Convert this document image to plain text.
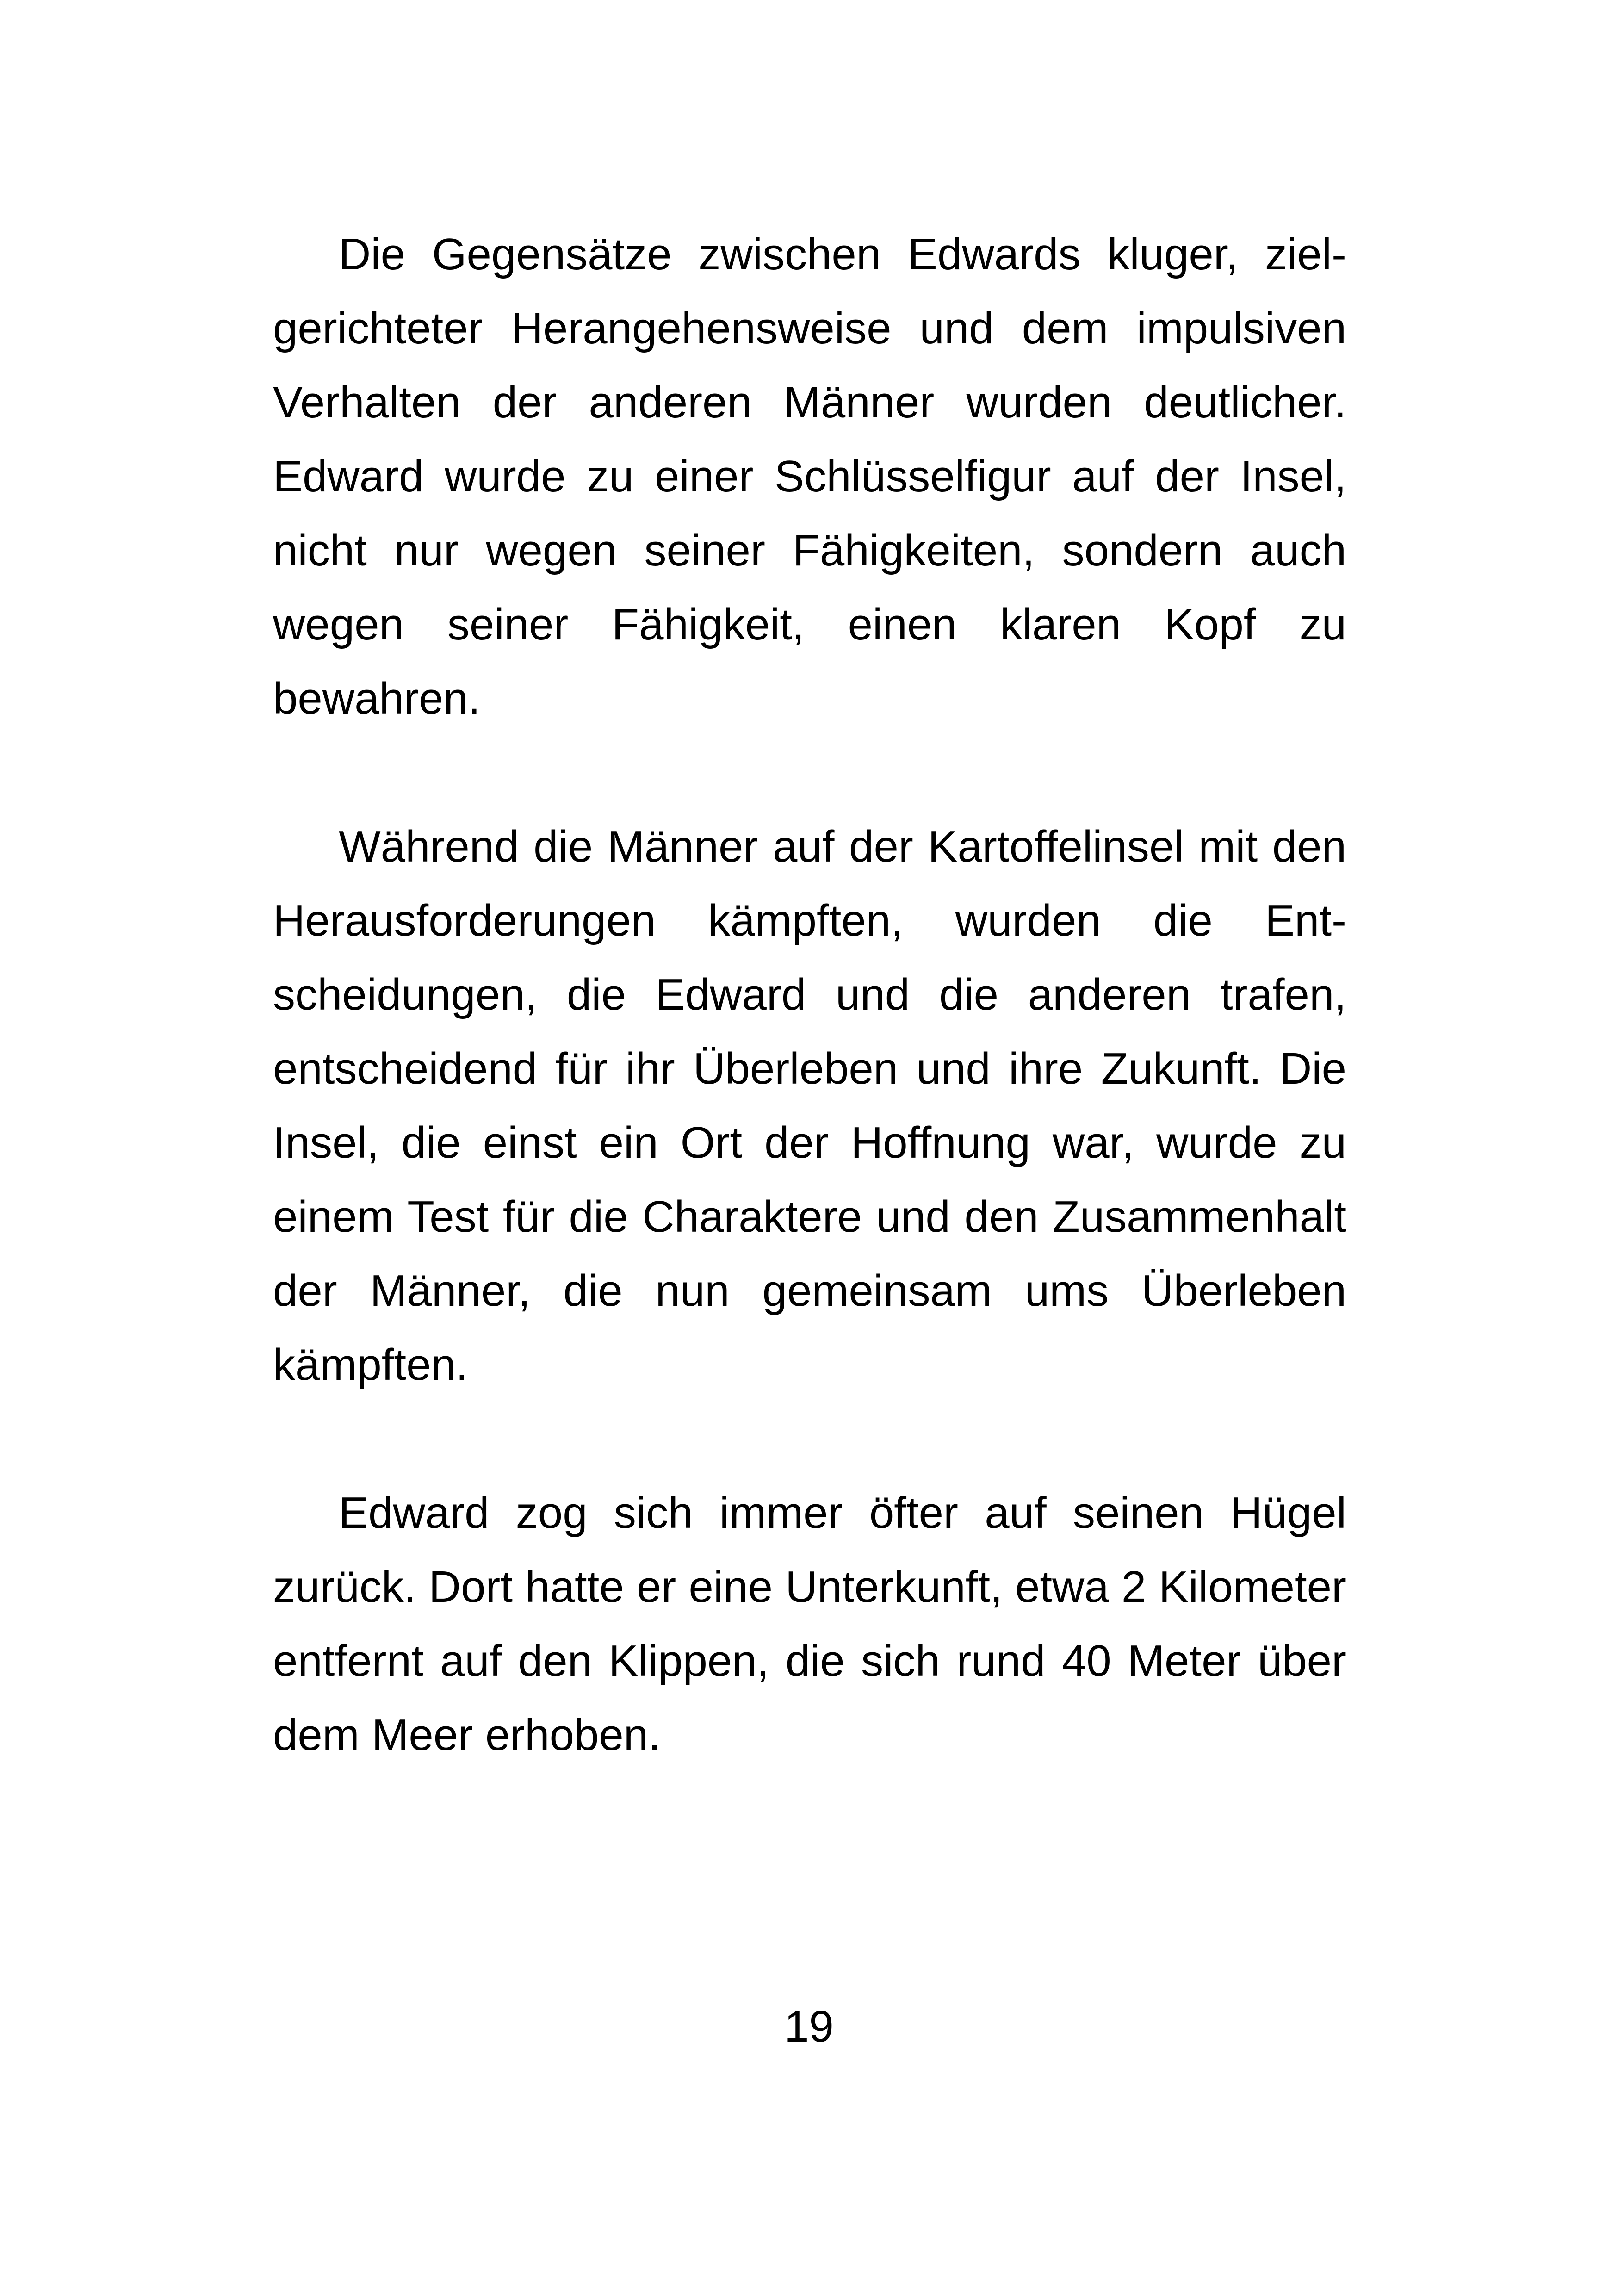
Die Gegensätze zwischen Edwards kluger, zielgerichteter Herangehensweise und dem impulsiven Verhalten der anderen Männer wurden deutlicher. Edward wurde zu einer Schlüsselfigur auf der Insel, nicht nur wegen seiner Fähigkeiten, sondern auch wegen seiner Fähigkeit, einen klaren Kopf zu bewahren.

Während die Männer auf der Kartoffelinsel mit den Herausforderungen kämpften, wurden die Entscheidungen, die Edward und die anderen trafen, entscheidend für ihr Überleben und ihre Zukunft. Die Insel, die einst ein Ort der Hoffnung war, wurde zu einem Test für die Charaktere und den Zusammenhalt der Männer, die nun gemeinsam ums Überleben kämpften.

Edward zog sich immer öfter auf seinen Hügel zurück. Dort hatte er eine Unterkunft, etwa 2 Kilometer entfernt auf den Klippen, die sich rund 40 Meter über dem Meer erhoben.

19
